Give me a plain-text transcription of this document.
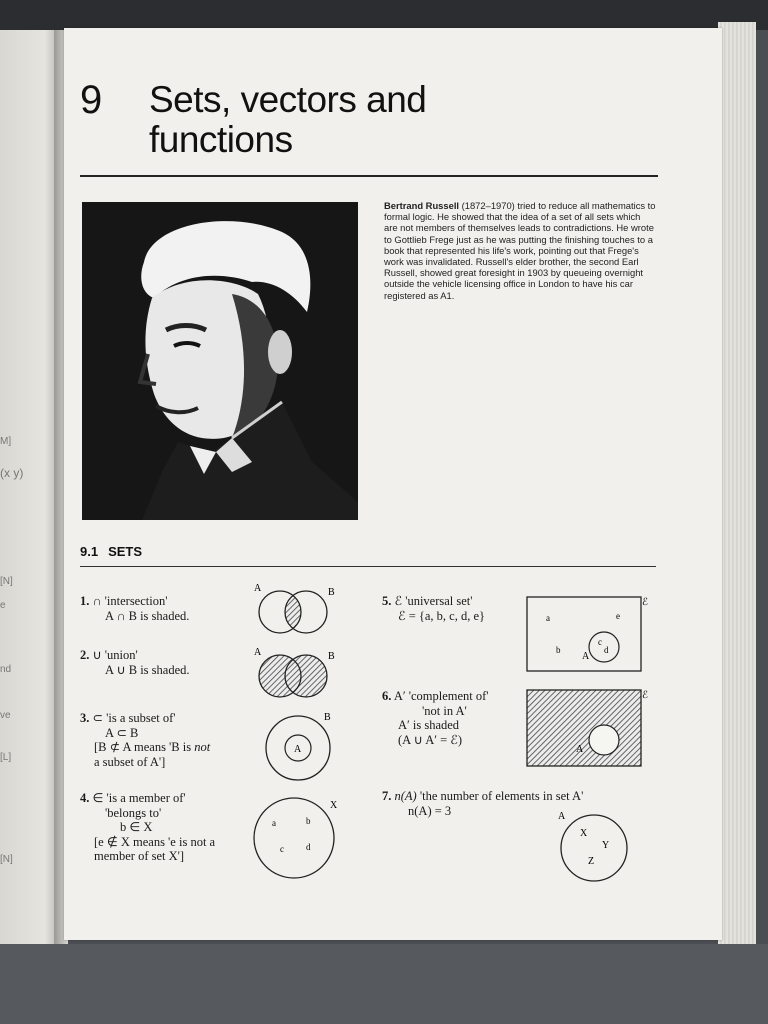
M]
(x y)
[N]
e
nd
ve
[L]
[N]
9 Sets, vectors and
functions
Bertrand Russell (1872–1970) tried to reduce all mathematics to formal logic. He showed that the idea of a set of all sets which are not members of themselves leads to contradictions. He wrote to Gottlieb Frege just as he was putting the finishing touches to a book that represented his life's work, pointing out that Frege's work was invalidated. Russell's elder brother, the second Earl Russell, showed great foresight in 1903 by queueing overnight outside the vehicle licensing office in London to have his car registered as A1.
9.1 SETS
1. ∩ 'intersection'
A ∩ B is shaded.
A	B
2. ∪ 'union'
A ∪ B is shaded.
A	B
3. ⊂ 'is a subset of'
A ⊂ B
[B ⊄ A means 'B is not
a subset of A']
A
B
4. ∈ 'is a member of'
'belongs to'
b ∈ X
[e ∉ X means 'e is not a
member of set X']
X
a	b
c d
5. ℰ 'universal set'
ℰ = {a, b, c, d, e}
ℰ
a	e
b
A
c
d
6. A′ 'complement of'
'not in A'
A′ is shaded
(A ∪ A′ = ℰ)
ℰ
A
7. n(A) 'the number of elements in set A'
n(A) = 3	A
X
Y
Z
